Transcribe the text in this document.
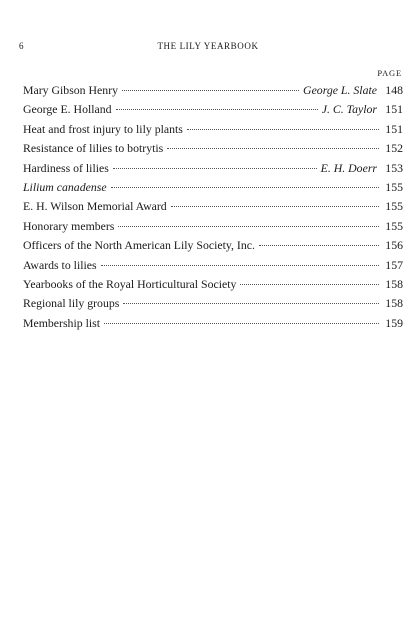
6	THE LILY YEARBOOK
PAGE
Mary Gibson Henry	George L. Slate 148
George E. Holland	J. C. Taylor 151
Heat and frost injury to lily plants	151
Resistance of lilies to botrytis	152
Hardiness of lilies	E. H. Doerr 153
Lilium canadense	155
E. H. Wilson Memorial Award	155
Honorary members	155
Officers of the North American Lily Society, Inc.	156
Awards to lilies	157
Yearbooks of the Royal Horticultural Society	158
Regional lily groups	158
Membership list	159
